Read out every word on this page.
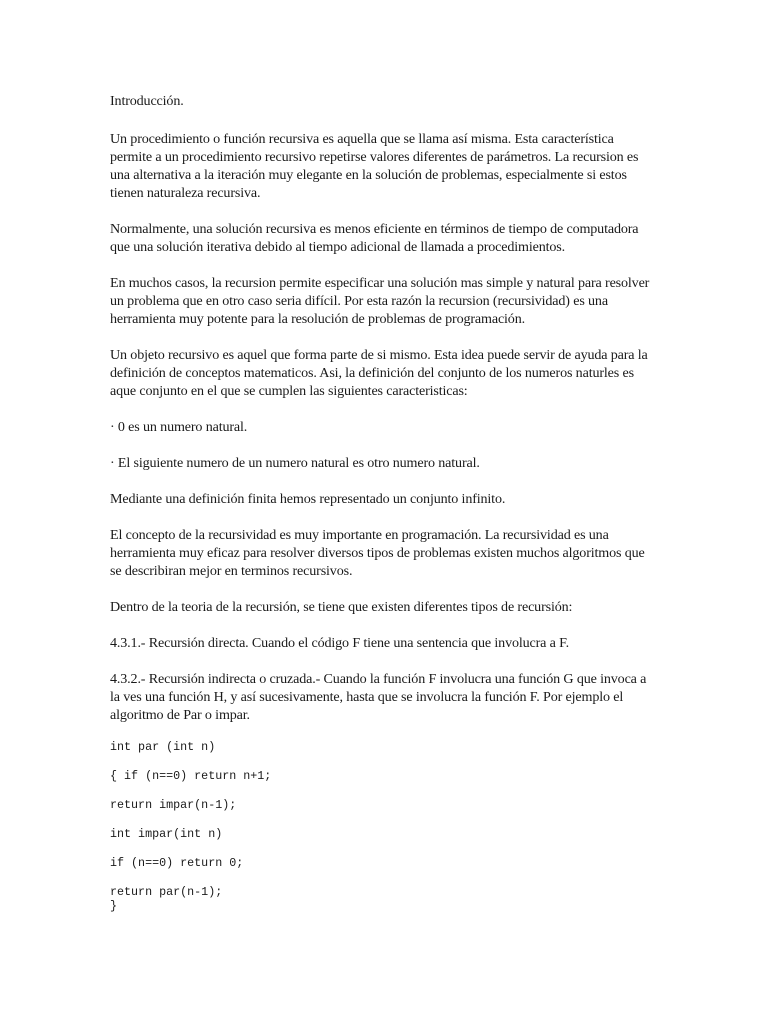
Introducción.

Un procedimiento o función recursiva es aquella que se llama así misma. Esta característica permite a un procedimiento recursivo repetirse valores diferentes de parámetros. La recursion es una alternativa a la iteración muy elegante en la solución de problemas, especialmente si estos tienen naturaleza recursiva.

Normalmente, una solución recursiva es menos eficiente en términos de tiempo de computadora que una solución iterativa debido al tiempo adicional de llamada a procedimientos.

En muchos casos, la recursion permite especificar una solución mas simple y natural para resolver un problema que en otro caso seria difícil. Por esta razón la recursion (recursividad) es una herramienta muy potente para la resolución de problemas de programación.

Un objeto recursivo es aquel que forma parte de si mismo. Esta idea puede servir de ayuda para la definición de conceptos matematicos. Asi, la definición del conjunto de los numeros naturles es aque conjunto en el que se cumplen las siguientes caracteristicas:

· 0 es un numero natural.

· El siguiente numero de un numero natural es otro numero natural.

Mediante una definición finita hemos representado un conjunto infinito.

El concepto de la recursividad es muy importante en programación. La recursividad es una herramienta muy eficaz para resolver diversos tipos de problemas existen muchos algoritmos que se describiran mejor en terminos recursivos.

Dentro de la teoria de la recursión, se tiene que existen diferentes tipos de recursión:

4.3.1.- Recursión directa. Cuando el código F tiene una sentencia que involucra a F.

4.3.2.- Recursión indirecta o cruzada.- Cuando la función F involucra una función G que invoca a la ves una función H, y así sucesivamente, hasta que se involucra la función F. Por ejemplo el algoritmo de Par o impar.

int par (int n)
{ if (n==0) return n+1;
return impar(n-1);
int impar(int n)
if (n==0) return 0;
return par(n-1);
}
